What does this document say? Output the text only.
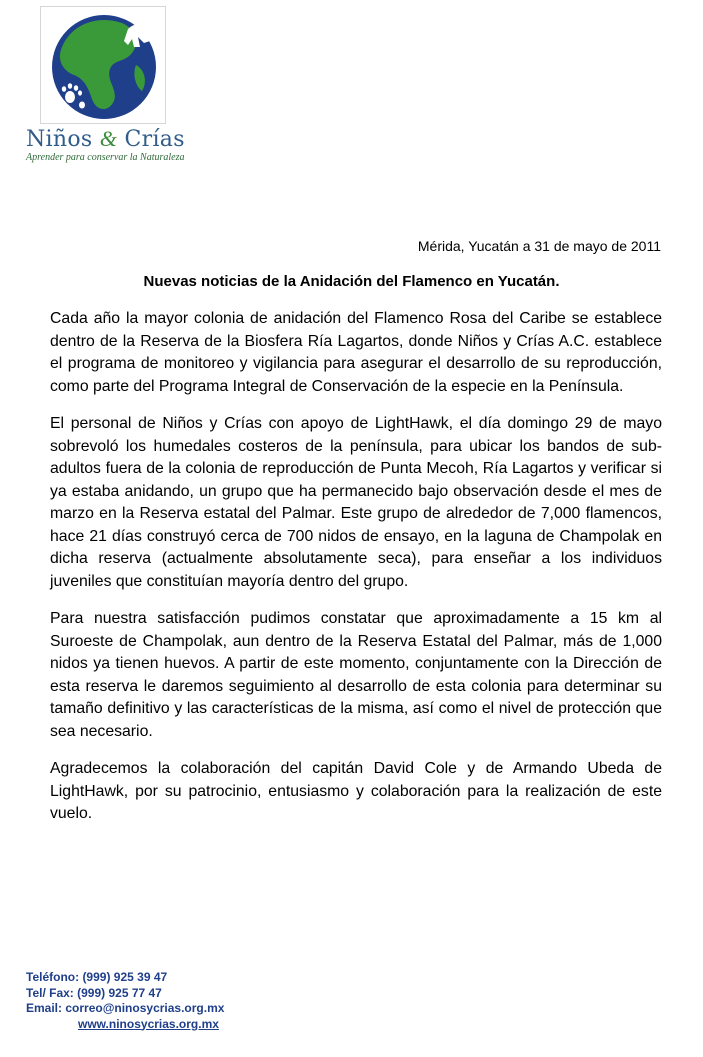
Niños & Crías
Aprender para conservar la Naturaleza
Mérida, Yucatán a 31 de mayo de 2011
Nuevas noticias de la Anidación del Flamenco en Yucatán.

Cada año la mayor colonia de anidación del Flamenco Rosa del Caribe se establece dentro de la Reserva de la Biosfera Ría Lagartos, donde Niños y Crías A.C. establece el programa de monitoreo y vigilancia para asegurar el desarrollo de su reproducción, como parte del Programa Integral de Conservación de la especie en la Península.

El personal de Niños y Crías con apoyo de LightHawk, el día domingo 29 de mayo sobrevoló los humedales costeros de la península, para ubicar los bandos de sub-adultos fuera de la colonia de reproducción de Punta Mecoh, Ría Lagartos y verificar si ya estaba anidando, un grupo que ha permanecido bajo observación desde el mes de marzo en la Reserva estatal del Palmar. Este grupo de alrededor de 7,000 flamencos, hace 21 días construyó cerca de 700 nidos de ensayo, en la laguna de Champolak en dicha reserva (actualmente absolutamente seca), para enseñar a los individuos juveniles que constituían mayoría dentro del grupo.

Para nuestra satisfacción pudimos constatar que aproximadamente a 15 km al Suroeste de Champolak, aun dentro de la Reserva Estatal del Palmar, más de 1,000 nidos ya tienen huevos. A partir de este momento, conjuntamente con la Dirección de esta reserva le daremos seguimiento al desarrollo de esta colonia para determinar su tamaño definitivo y las características de la misma, así como el nivel de protección que sea necesario.

Agradecemos la colaboración del capitán David Cole y de Armando Ubeda de LightHawk, por su patrocinio, entusiasmo y colaboración para la realización de este vuelo.

Teléfono: (999) 925 39 47
Tel/ Fax: (999) 925 77 47
Email: correo@ninosycrias.org.mx
www.ninosycrias.org.mx
